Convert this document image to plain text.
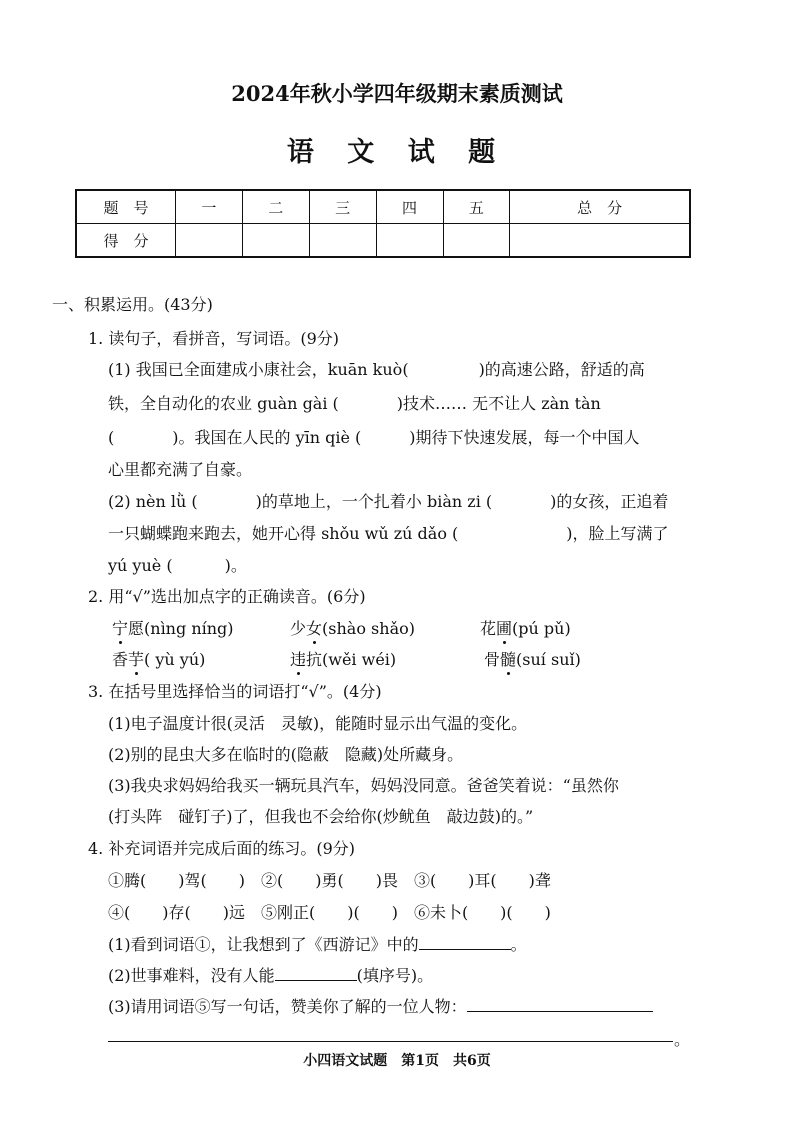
2024年秋小学四年级期末素质测试
语 文 试 题
题　号	一	二	三	四	五	总　分
得　分						
一、积累运用。(43分)
1. 读句子，看拼音，写词语。(9分)
(1) 我国已全面建成小康社会，kuān kuò(	)的高速公路，舒适的高
铁，全自动化的农业 guàn gài (	)技术…… 无不让人 zàn tàn
(	)。我国在人民的 yīn qiè (	)期待下快速发展，每一个中国人
心里都充满了自豪。
(2) nèn lǜ (	)的草地上，一个扎着小 biàn zi (	)的女孩，正追着
一只蝴蝶跑来跑去，她开心得 shǒu wǔ zú dǎo (	)，脸上写满了
yú yuè (	)。
2. 用“√”选出加点字的正确读音。(6分)
宁愿(nìng níng)	少女(shào shǎo)	花圃(pú pǔ)
香芋( yù yú)	违抗(wěi wéi)	骨髓(suí suǐ)
3. 在括号里选择恰当的词语打“√”。(4分)
(1)电子温度计很(灵活　灵敏)，能随时显示出气温的变化。
(2)别的昆虫大多在临时的(隐蔽　隐藏)处所藏身。
(3)我央求妈妈给我买一辆玩具汽车，妈妈没同意。爸爸笑着说：“虽然你
(打头阵　碰钉子)了，但我也不会给你(炒鱿鱼　敲边鼓)的。”
4. 补充词语并完成后面的练习。(9分)
①腾(　　)驾(　　)　②(　　)勇(　　)畏　③(　　)耳(　　)聋
④(　　)存(　　)远　⑤刚正(　　)(　　)　⑥未卜(　　)(　　)
(1)看到词语①，让我想到了《西游记》中的	。
(2)世事难料，没有人能	(填序号)。
(3)请用词语⑤写一句话，赞美你了解的一位人物：
。
小四语文试题　第1页　共6页
